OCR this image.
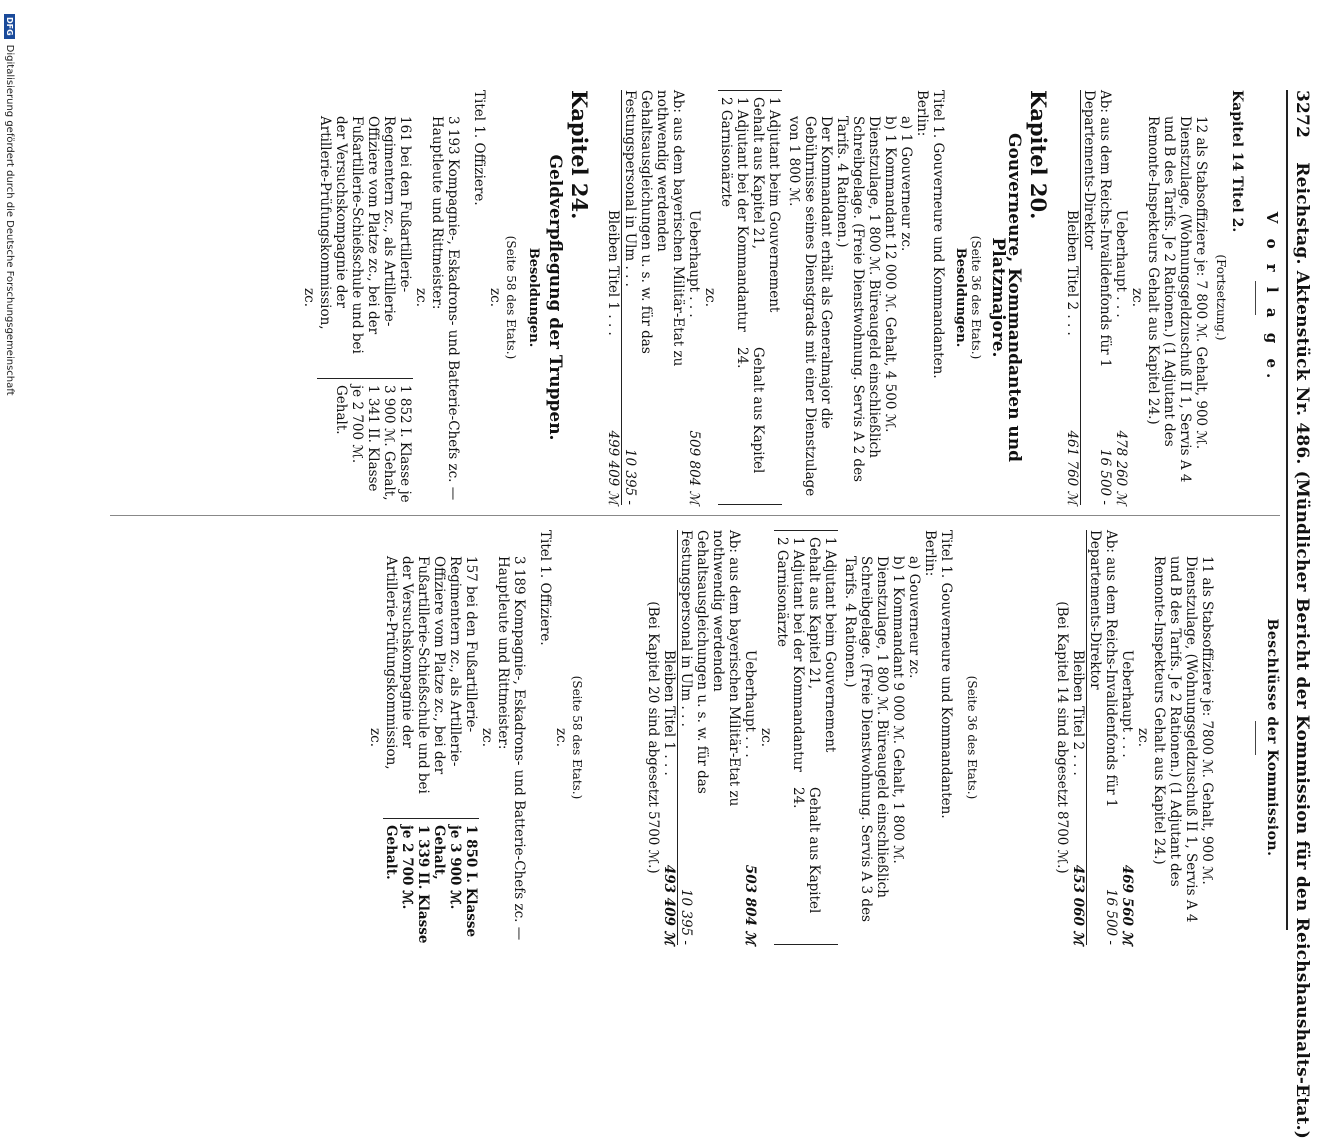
3272 Reichstag. Aktenstück Nr. 486. (Mündlicher Bericht der Kommission für den Reichshaushalts-Etat.)
V o r l a g e.
Kapitel 14 Titel 2.
(Fortsetzung.)
12 als Stabsoffiziere je: 7 800 ℳ. Gehalt, 900 ℳ. Dienstzulage, (Wohnungsgeldzuschuß II 1, Servis A 4 und B des Tarifs. Je 2 Rationen.) (1 Adjutant des Remonte-Inspekteurs Gehalt aus Kapitel 24.)
zc.
Ueberhaupt . . .
478 260 ℳ
Ab: aus dem Reichs-Invalidenfonds für 1 Departements-Direktor
16 500 -
Bleiben Titel 2 . . .
461 760 ℳ
Kapitel 20.
Gouverneure, Kommandanten und Platzmajore.
(Seite 36 des Etats.)
Besoldungen.
Titel 1. Gouverneure und Kommandanten.
Berlin:
a) 1 Gouverneur zc.
b) 1 Kommandant 12 000 ℳ. Gehalt, 4 500 ℳ. Dienstzulage, 1 800 ℳ. Büreaugeld einschließlich Schreibgelage. (Freie Dienstwohnung. Servis A 2 des Tarifs. 4 Rationen.)
Der Kommandant erhält als Generalmajor die Gebührnisse seines Dienstgrads mit einer Dienstzulage von 1 800 ℳ.
1 Adjutant beim Gouvernement Gehalt aus Kapitel 21,
1 Adjutant bei der Kommandantur
2 Garnisonärzte
Gehalt aus Kapitel 24.
zc.
Ueberhaupt . . .
509 804 ℳ
Ab: aus dem bayerischen Militär-Etat zu nothwendig werdenden Gehaltsausgleichungen u. s. w. für das Festungspersonal in Ulm . . .
10 395 -
Bleiben Titel 1 . . .
499 409 ℳ
Kapitel 24.
Geldverpflegung der Truppen.
Besoldungen.
(Seite 58 des Etats.)
zc.
Titel 1. Offiziere.
3 193 Kompagnie-, Eskadrons- und Batterie-Chefs zc. — Hauptleute und Rittmeister:
zc.
161 bei den Fußartillerie-Regimentern zc., als Artillerie-Offiziere vom Platze zc., bei der Fußartillerie-Schießschule und bei der Versuchskompagnie der Artillerie-Prüfungskommission,
1 852 I. Klasse je 3 900 ℳ. Gehalt,
1 341 II. Klasse je 2 700 ℳ. Gehalt.
zc.
Beschlüsse der Kommission.
11 als Stabsoffiziere je: 7800 ℳ. Gehalt, 900 ℳ. Dienstzulage, (Wohnungsgeldzuschuß II 1, Servis A 4 und B des Tarifs. Je 2 Rationen.) (1 Adjutant des Remonte-Inspekteurs Gehalt aus Kapitel 24.)
zc.
Ueberhaupt . . .
469 560 ℳ
Ab: aus dem Reichs-Invalidenfonds für 1 Departements-Direktor
16 500 -
Bleiben Titel 2 . . .
453 060 ℳ
(Bei Kapitel 14 sind abgesetzt 8700 ℳ.)
(Seite 36 des Etats.)
Titel 1. Gouverneure und Kommandanten.
Berlin:
a) Gouverneur zc.
b) 1 Kommandant 9 000 ℳ. Gehalt, 1 800 ℳ. Dienstzulage, 1 800 ℳ. Büreaugeld einschließlich Schreibgelage. (Freie Dienstwohnung. Servis A 3 des Tarifs. 4 Rationen.)
1 Adjutant beim Gouvernement Gehalt aus Kapitel 21,
1 Adjutant bei der Kommandantur
2 Garnisonärzte
Gehalt aus Kapitel 24.
zc.
Ueberhaupt . . .
503 804 ℳ
Ab: aus dem bayerischen Militär-Etat zu nothwendig werdenden Gehaltsausgleichungen u. s. w. für das Festungspersonal in Ulm . . .
10 395 -
Bleiben Titel 1 . . .
493 409 ℳ
(Bei Kapitel 20 sind abgesetzt 5700 ℳ.)
(Seite 58 des Etats.)
zc.
Titel 1. Offiziere.
3 189 Kompagnie-, Eskadrons- und Batterie-Chefs zc. — Hauptleute und Rittmeister:
zc.
157 bei den Fußartillerie-Regimentern zc., als Artillerie-Offiziere vom Platze zc., bei der Fußartillerie-Schießschule und bei der Versuchskompagnie der Artillerie-Prüfungskommission,
1 850 I. Klasse je 3 900 ℳ. Gehalt,
1 339 II. Klasse je 2 700 ℳ. Gehalt.
zc.
DFG
Digitalisierung gefördert durch die Deutsche Forschungsgemeinschaft
